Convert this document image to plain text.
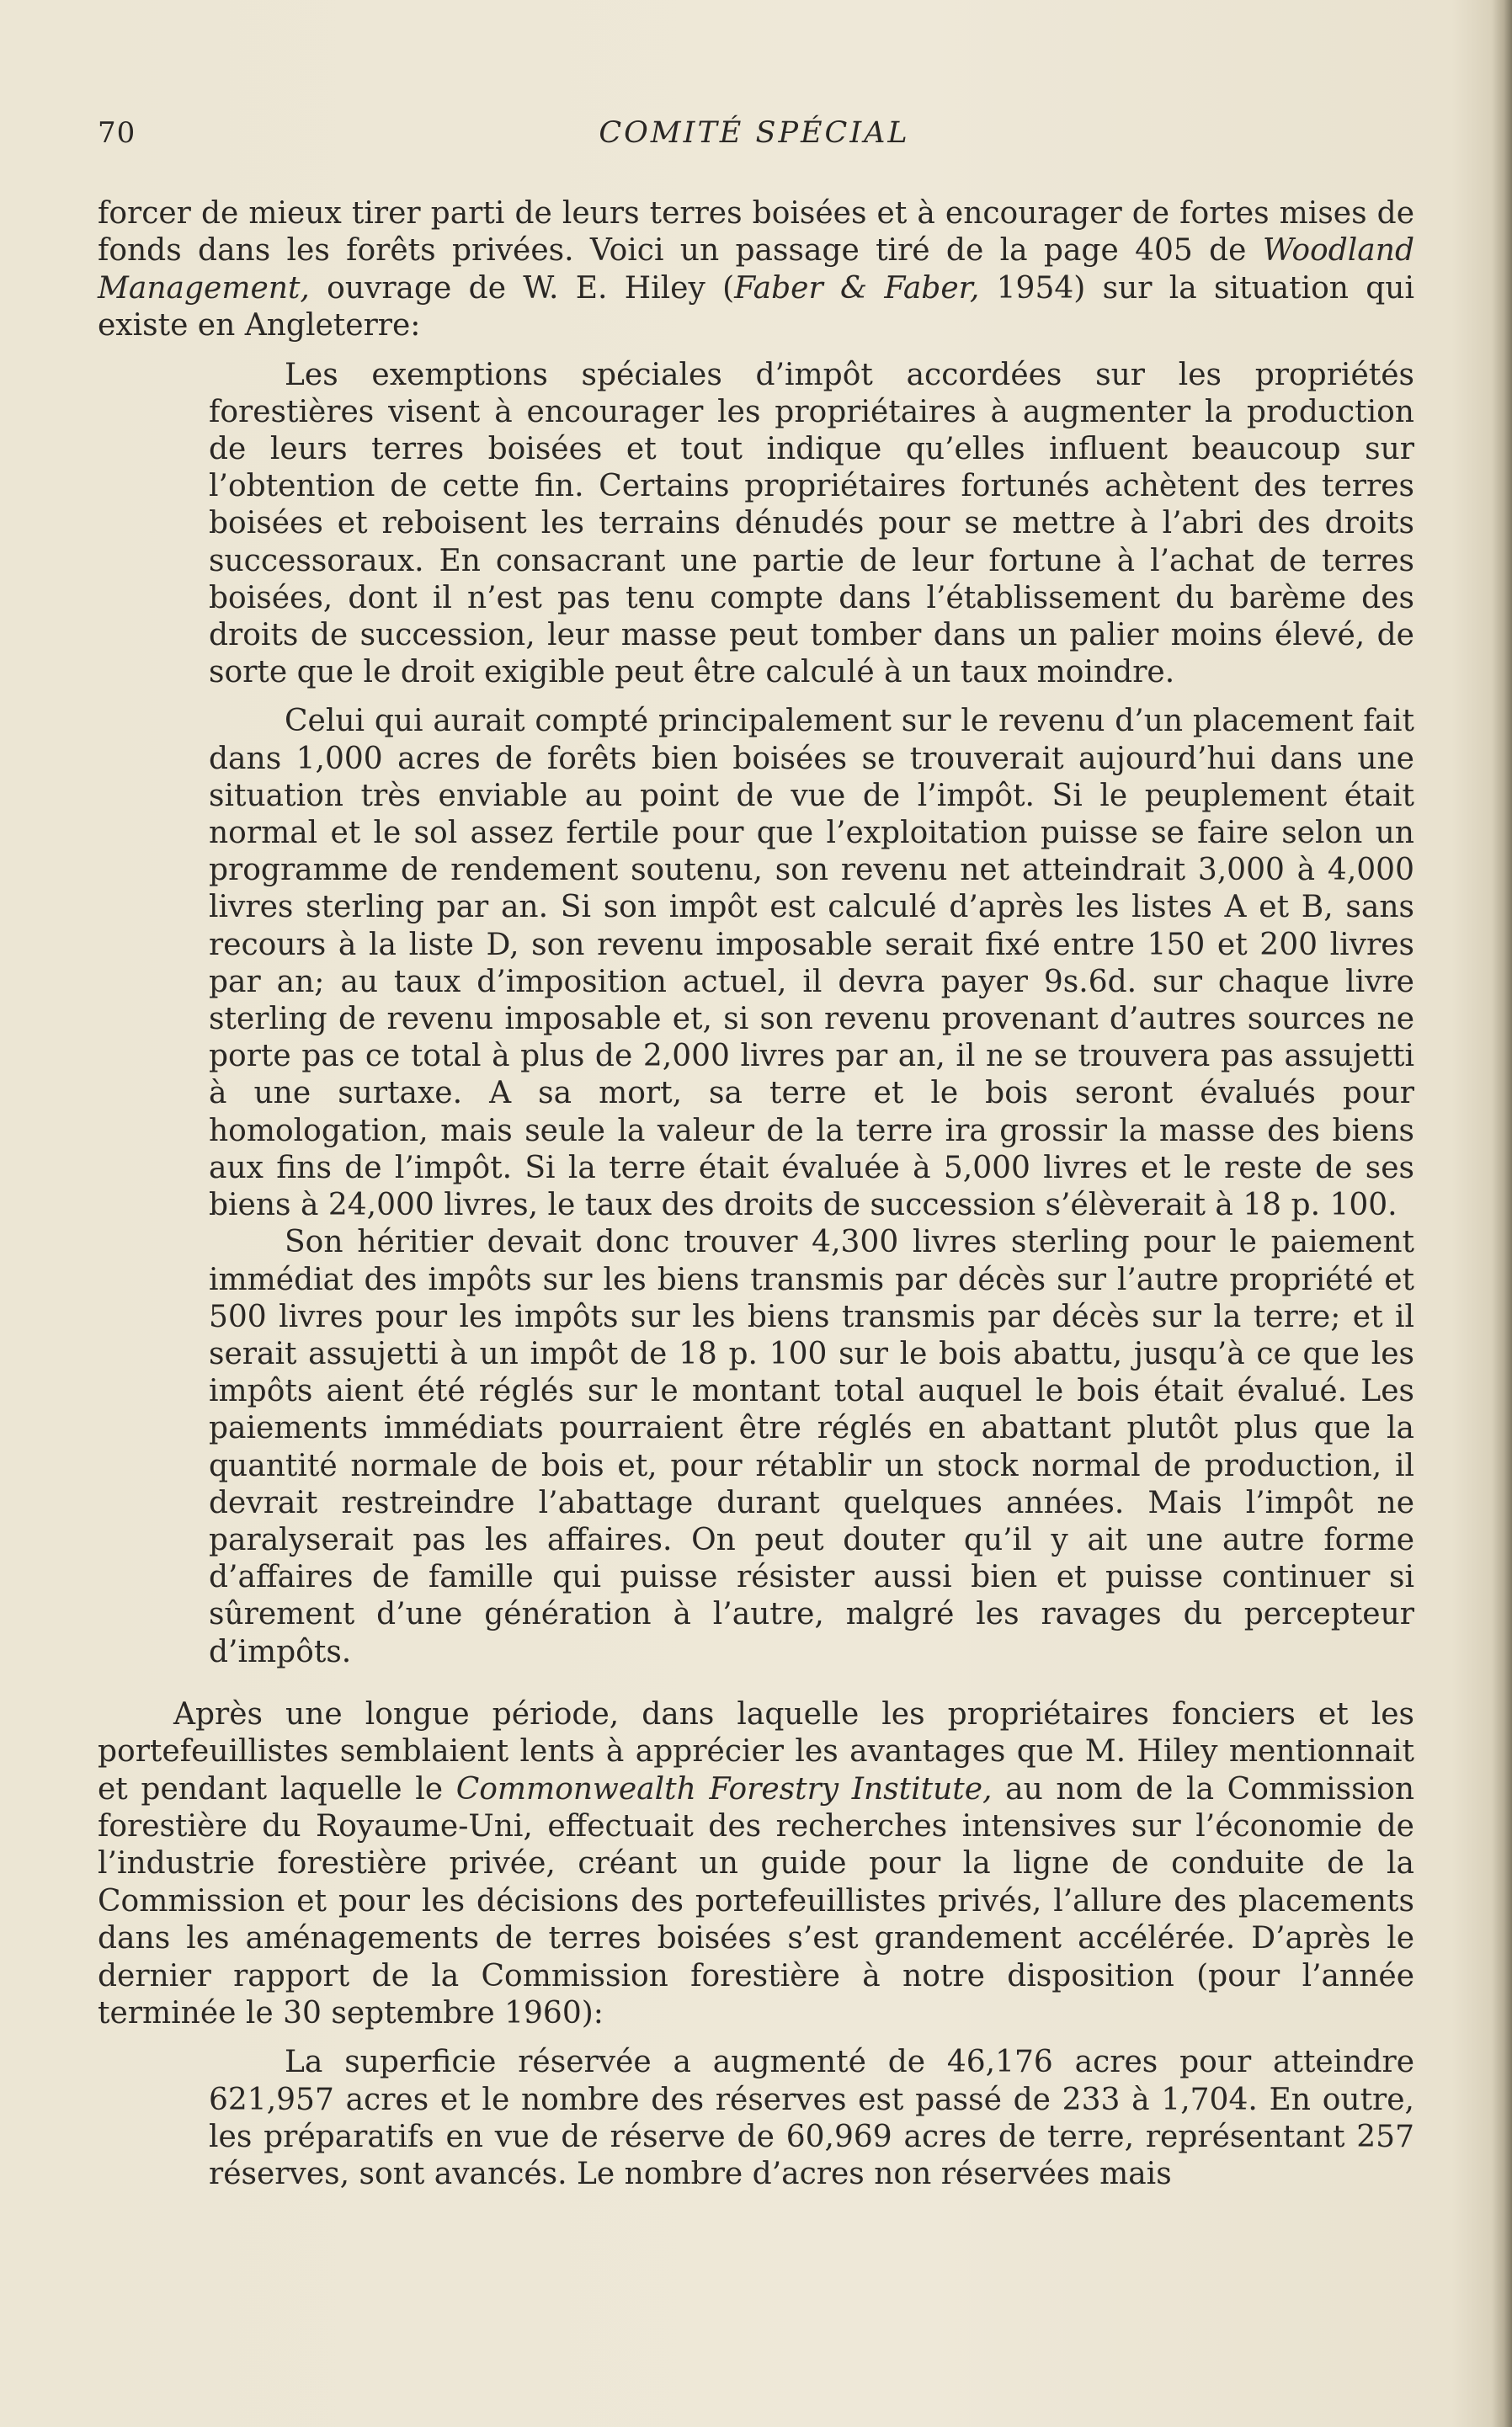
70	COMITÉ SPÉCIAL

forcer de mieux tirer parti de leurs terres boisées et à encourager de fortes mises de fonds dans les forêts privées. Voici un passage tiré de la page 405 de Woodland Management, ouvrage de W. E. Hiley (Faber & Faber, 1954) sur la situation qui existe en Angleterre:

Les exemptions spéciales d’impôt accordées sur les propriétés forestières visent à encourager les propriétaires à augmenter la production de leurs terres boisées et tout indique qu’elles influent beaucoup sur l’obtention de cette fin. Certains propriétaires fortunés achètent des terres boisées et reboisent les terrains dénudés pour se mettre à l’abri des droits successoraux. En consacrant une partie de leur fortune à l’achat de terres boisées, dont il n’est pas tenu compte dans l’établissement du barème des droits de succession, leur masse peut tomber dans un palier moins élevé, de sorte que le droit exigible peut être calculé à un taux moindre.

Celui qui aurait compté principalement sur le revenu d’un placement fait dans 1,000 acres de forêts bien boisées se trouverait aujourd’hui dans une situation très enviable au point de vue de l’impôt. Si le peuplement était normal et le sol assez fertile pour que l’exploitation puisse se faire selon un programme de rendement soutenu, son revenu net atteindrait 3,000 à 4,000 livres sterling par an. Si son impôt est calculé d’après les listes A et B, sans recours à la liste D, son revenu imposable serait fixé entre 150 et 200 livres par an; au taux d’imposition actuel, il devra payer 9s.6d. sur chaque livre sterling de revenu imposable et, si son revenu provenant d’autres sources ne porte pas ce total à plus de 2,000 livres par an, il ne se trouvera pas assujetti à une surtaxe. A sa mort, sa terre et le bois seront évalués pour homologation, mais seule la valeur de la terre ira grossir la masse des biens aux fins de l’impôt. Si la terre était évaluée à 5,000 livres et le reste de ses biens à 24,000 livres, le taux des droits de succession s’élèverait à 18 p. 100.

Son héritier devait donc trouver 4,300 livres sterling pour le paiement immédiat des impôts sur les biens transmis par décès sur l’autre propriété et 500 livres pour les impôts sur les biens transmis par décès sur la terre; et il serait assujetti à un impôt de 18 p. 100 sur le bois abattu, jusqu’à ce que les impôts aient été réglés sur le montant total auquel le bois était évalué. Les paiements immédiats pourraient être réglés en abattant plutôt plus que la quantité normale de bois et, pour rétablir un stock normal de production, il devrait restreindre l’abattage durant quelques années. Mais l’impôt ne paralyserait pas les affaires. On peut douter qu’il y ait une autre forme d’affaires de famille qui puisse résister aussi bien et puisse continuer si sûrement d’une génération à l’autre, malgré les ravages du percepteur d’impôts.

Après une longue période, dans laquelle les propriétaires fonciers et les portefeuillistes semblaient lents à apprécier les avantages que M. Hiley mentionnait et pendant laquelle le Commonwealth Forestry Institute, au nom de la Commission forestière du Royaume-Uni, effectuait des recherches intensives sur l’économie de l’industrie forestière privée, créant un guide pour la ligne de conduite de la Commission et pour les décisions des portefeuillistes privés, l’allure des placements dans les aménagements de terres boisées s’est grandement accélérée. D’après le dernier rapport de la Commission forestière à notre disposition (pour l’année terminée le 30 septembre 1960):

La superficie réservée a augmenté de 46,176 acres pour atteindre 621,957 acres et le nombre des réserves est passé de 233 à 1,704. En outre, les préparatifs en vue de réserve de 60,969 acres de terre, représentant 257 réserves, sont avancés. Le nombre d’acres non réservées mais
